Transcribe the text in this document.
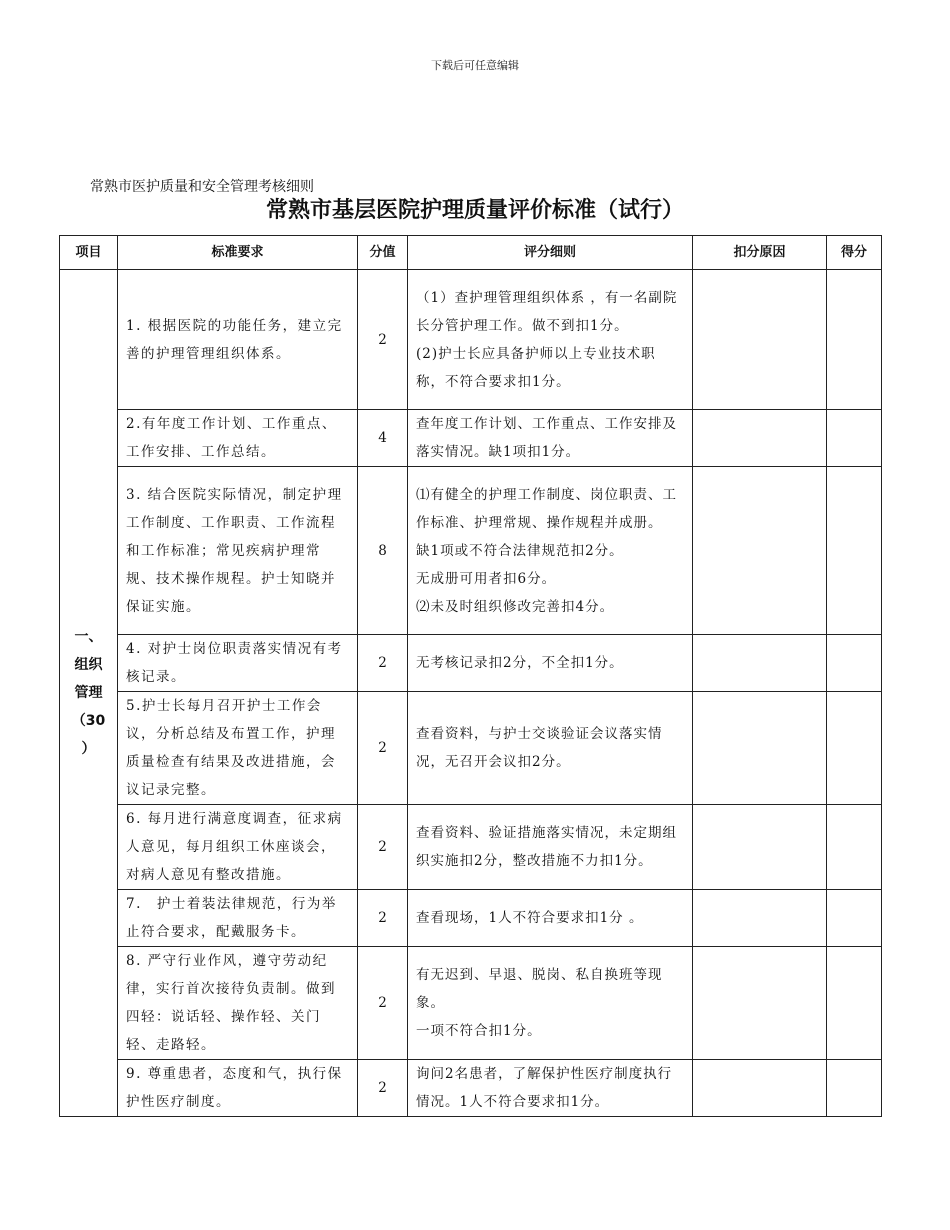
下载后可任意编辑
常熟市医护质量和安全管理考核细则
常熟市基层医院护理质量评价标准（试行）
项目	标准要求	分值	评分细则	扣分原因	得分

一、
组织
管理
（30
）	1. 根据医院的功能任务，建立完善的护理管理组织体系。	2	（1）查护理管理组织体系 ，有一名副院长分管护理工作。做不到扣1分。
(2)护士长应具备护师以上专业技术职称，不符合要求扣1分。		

	2.有年度工作计划、工作重点、工作安排、工作总结。	4	查年度工作计划、工作重点、工作安排及落实情况。缺1项扣1分。		

	3. 结合医院实际情况，制定护理工作制度、工作职责、工作流程和工作标准；常见疾病护理常规、技术操作规程。护士知晓并保证实施。	8	⑴有健全的护理工作制度、岗位职责、工作标准、护理常规、操作规程并成册。
缺1项或不符合法律规范扣2分。
无成册可用者扣6分。
⑵未及时组织修改完善扣4分。		

	4. 对护士岗位职责落实情况有考核记录。	2	无考核记录扣2分，不全扣1分。		

	5.护士长每月召开护士工作会议，分析总结及布置工作，护理质量检查有结果及改进措施，会议记录完整。	2	查看资料，与护士交谈验证会议落实情况，无召开会议扣2分。		

	6. 每月进行满意度调查，征求病人意见，每月组织工休座谈会，对病人意见有整改措施。	2	查看资料、验证措施落实情况，未定期组织实施扣2分，整改措施不力扣1分。		

	7.　护士着装法律规范，行为举止符合要求，配戴服务卡。	2	查看现场，1人不符合要求扣1分 。		

	8. 严守行业作风，遵守劳动纪律，实行首次接待负责制。做到四轻：说话轻、操作轻、关门轻、走路轻。	2	有无迟到、早退、脱岗、私自换班等现象。
一项不符合扣1分。		

	9. 尊重患者，态度和气，执行保护性医疗制度。	2	询问2名患者，了解保护性医疗制度执行情况。1人不符合要求扣1分。		
